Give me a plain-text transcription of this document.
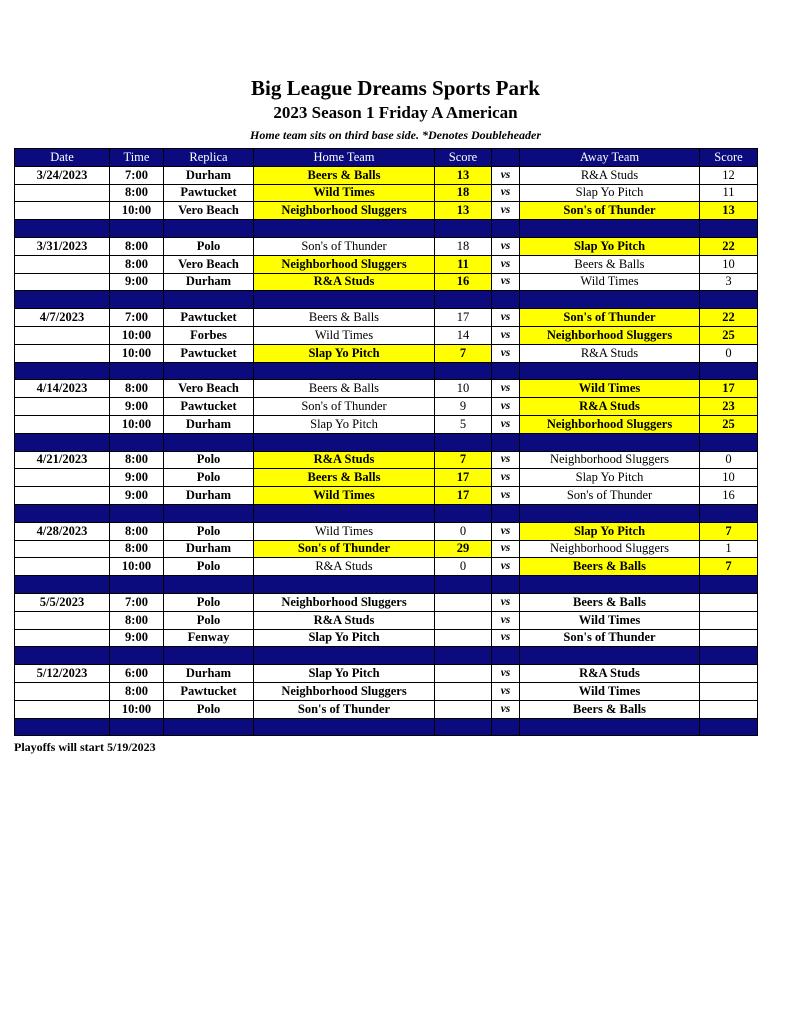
Big League Dreams Sports Park
2023 Season 1 Friday A American
Home team sits on third base side. *Denotes Doubleheader
Date	Time	Replica	Home Team	Score		Away Team	Score
3/24/2023	7:00	Durham	Beers & Balls	13	vs	R&A Studs	12
	8:00	Pawtucket	Wild Times	18	vs	Slap Yo Pitch	11
	10:00	Vero Beach	Neighborhood Sluggers	13	vs	Son's of Thunder	13

3/31/2023	8:00	Polo	Son's of Thunder	18	vs	Slap Yo Pitch	22
	8:00	Vero Beach	Neighborhood Sluggers	11	vs	Beers & Balls	10
	9:00	Durham	R&A Studs	16	vs	Wild Times	3

4/7/2023	7:00	Pawtucket	Beers & Balls	17	vs	Son's of Thunder	22
	10:00	Forbes	Wild Times	14	vs	Neighborhood Sluggers	25
	10:00	Pawtucket	Slap Yo Pitch	7	vs	R&A Studs	0

4/14/2023	8:00	Vero Beach	Beers & Balls	10	vs	Wild Times	17
	9:00	Pawtucket	Son's of Thunder	9	vs	R&A Studs	23
	10:00	Durham	Slap Yo Pitch	5	vs	Neighborhood Sluggers	25

4/21/2023	8:00	Polo	R&A Studs	7	vs	Neighborhood Sluggers	0
	9:00	Polo	Beers & Balls	17	vs	Slap Yo Pitch	10
	9:00	Durham	Wild Times	17	vs	Son's of Thunder	16

4/28/2023	8:00	Polo	Wild Times	0	vs	Slap Yo Pitch	7
	8:00	Durham	Son's of Thunder	29	vs	Neighborhood Sluggers	1
	10:00	Polo	R&A Studs	0	vs	Beers & Balls	7

5/5/2023	7:00	Polo	Neighborhood Sluggers		vs	Beers & Balls	
	8:00	Polo	R&A Studs		vs	Wild Times	
	9:00	Fenway	Slap Yo Pitch		vs	Son's of Thunder	

5/12/2023	6:00	Durham	Slap Yo Pitch		vs	R&A Studs	
	8:00	Pawtucket	Neighborhood Sluggers		vs	Wild Times	
	10:00	Polo	Son's of Thunder		vs	Beers & Balls	

Playoffs will start 5/19/2023
